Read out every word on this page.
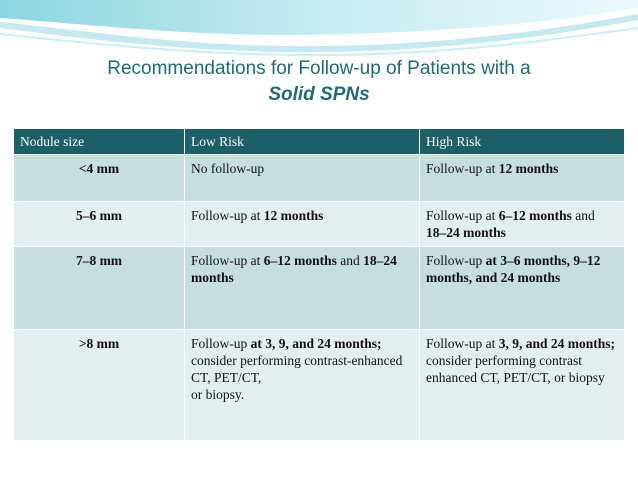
Recommendations for Follow-up of Patients with a
Solid SPNs
Nodule size	Low Risk	High Risk
<4 mm	No follow-up	Follow-up at 12 months
5–6 mm	Follow-up at 12 months	Follow-up at 6–12 months and 18–24 months
7–8 mm	Follow-up at 6–12 months and 18–24 months	Follow-up at 3–6 months, 9–12 months, and 24 months
>8 mm	Follow-up at 3, 9, and 24 months;
consider performing contrast-enhanced CT, PET/CT,
or biopsy.	Follow-up at 3, 9, and 24 months;
consider performing contrast enhanced CT, PET/CT, or biopsy
